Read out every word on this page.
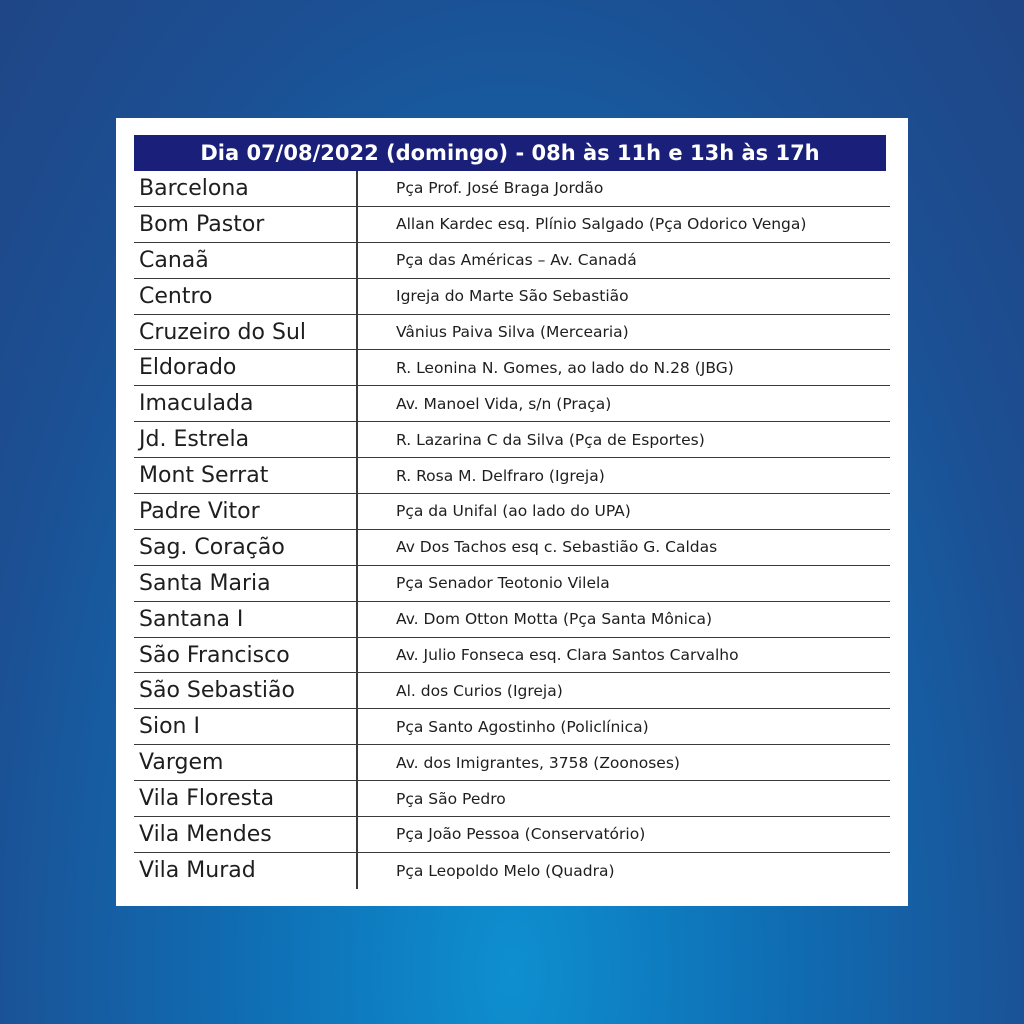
Dia 07/08/2022 (domingo) - 08h às 11h e 13h às 17h
Barcelona	Pça Prof. José Braga Jordão
Bom Pastor	Allan Kardec esq. Plínio Salgado (Pça Odorico Venga)
Canaã	Pça das Américas – Av. Canadá
Centro	Igreja do Marte São Sebastião
Cruzeiro do Sul	Vânius Paiva Silva (Mercearia)
Eldorado	R. Leonina N. Gomes, ao lado do N.28 (JBG)
Imaculada	Av. Manoel Vida, s/n (Praça)
Jd. Estrela	R. Lazarina C da Silva (Pça de Esportes)
Mont Serrat	R. Rosa M. Delfraro (Igreja)
Padre Vitor	Pça da Unifal (ao lado do UPA)
Sag. Coração	Av Dos Tachos esq c. Sebastião G. Caldas
Santa Maria	Pça Senador Teotonio Vilela
Santana I	Av. Dom Otton Motta (Pça Santa Mônica)
São Francisco	Av. Julio Fonseca esq. Clara Santos Carvalho
São Sebastião	Al. dos Curios (Igreja)
Sion I	Pça Santo Agostinho (Policlínica)
Vargem	Av. dos Imigrantes, 3758 (Zoonoses)
Vila Floresta	Pça São Pedro
Vila Mendes	Pça João Pessoa (Conservatório)
Vila Murad	Pça Leopoldo Melo (Quadra)
